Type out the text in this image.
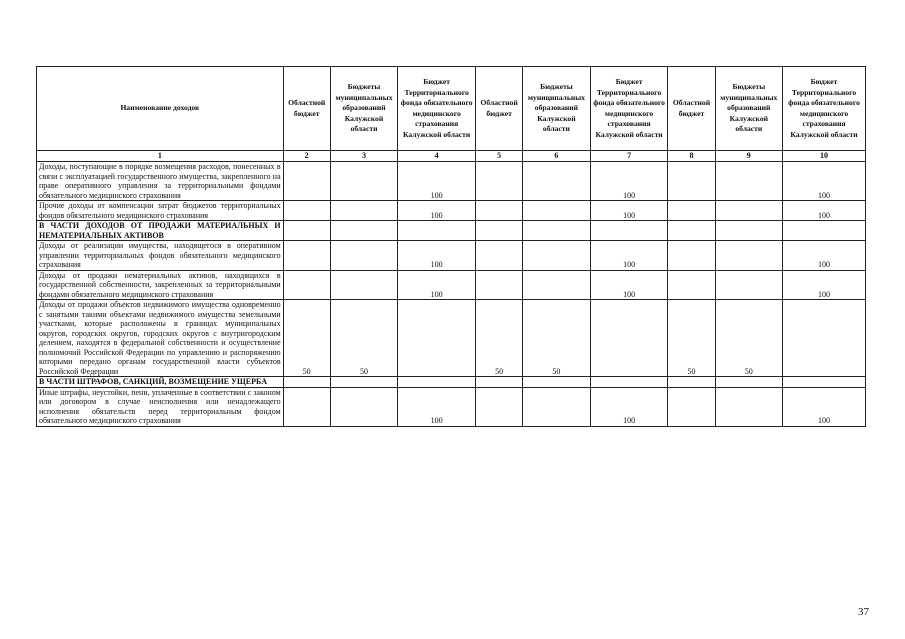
Наименование доходов	Областной бюджет	Бюджеты муниципальных образований Калужской области	Бюджет Территориального фонда обязательного медицинского страхования Калужской области	Областной бюджет	Бюджеты муниципальных образований Калужской области	Бюджет Территориального фонда обязательного медицинского страхования Калужской области	Областной бюджет	Бюджеты муниципальных образований Калужской области	Бюджет Территориального фонда обязательного медицинского страхования Калужской области
1	2	3	4	5	6	7	8	9	10
Доходы, поступающие в порядке возмещения расходов, понесенных в связи с эксплуатацией государственного имущества, закрепленного на праве оперативного управления за территориальными фондами обязательного медицинского страхования			100			100			100
Прочие доходы от компенсации затрат бюджетов территориальных фондов обязательного медицинского страхования			100			100			100
В ЧАСТИ ДОХОДОВ ОТ ПРОДАЖИ МАТЕРИАЛЬНЫХ И НЕМАТЕРИАЛЬНЫХ АКТИВОВ									
Доходы от реализации имущества, находящегося в оперативном управлении территориальных фондов обязательного медицинского страхования			100			100			100
Доходы от продажи нематериальных активов, находящихся в государственной собственности, закрепленных за территориальными фондами обязательного медицинского страхования			100			100			100
Доходы от продажи объектов недвижимого имущества одновременно с занятыми такими объектами недвижимого имущества земельными участками, которые расположены в границах муниципальных округов, городских округов, городских округов с внутригородским делением, находятся в федеральной собственности и осуществление полномочий Российской Федерации по управлению и распоряжению которыми передано органам государственной власти субъектов Российской Федерации	50	50		50	50		50	50	
В ЧАСТИ ШТРАФОВ, САНКЦИЙ, ВОЗМЕЩЕНИЕ УЩЕРБА									
Иные штрафы, неустойки, пени, уплаченные в соответствии с законом или договором в случае неисполнения или ненадлежащего исполнения обязательств перед территориальным фондом обязательного медицинского страхования			100			100			100
37
